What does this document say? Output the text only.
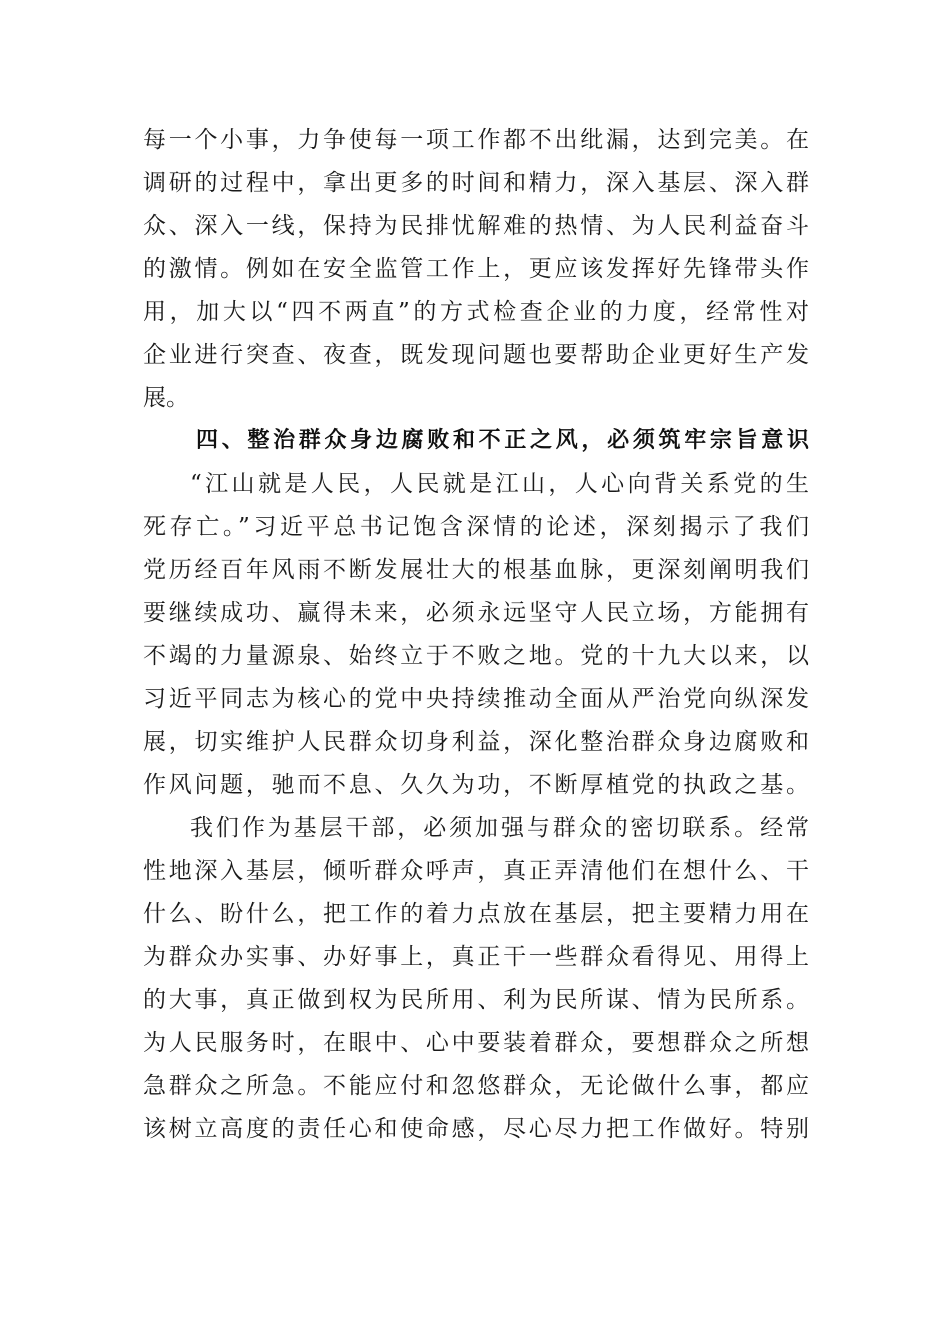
每一个小事，力争使每一项工作都不出纰漏，达到完美。在
调研的过程中，拿出更多的时间和精力，深入基层、深入群
众、深入一线，保持为民排忧解难的热情、为人民利益奋斗
的激情。例如在安全监管工作上，更应该发挥好先锋带头作
用，加大以“四不两直”的方式检查企业的力度，经常性对
企业进行突查、夜查，既发现问题也要帮助企业更好生产发
展。
四、整治群众身边腐败和不正之风，必须筑牢宗旨意识
“江山就是人民，人民就是江山，人心向背关系党的生
死存亡。”习近平总书记饱含深情的论述，深刻揭示了我们
党历经百年风雨不断发展壮大的根基血脉，更深刻阐明我们
要继续成功、赢得未来，必须永远坚守人民立场，方能拥有
不竭的力量源泉、始终立于不败之地。党的十九大以来，以
习近平同志为核心的党中央持续推动全面从严治党向纵深发
展，切实维护人民群众切身利益，深化整治群众身边腐败和
作风问题，驰而不息、久久为功，不断厚植党的执政之基。
我们作为基层干部，必须加强与群众的密切联系。经常
性地深入基层，倾听群众呼声，真正弄清他们在想什么、干
什么、盼什么，把工作的着力点放在基层，把主要精力用在
为群众办实事、办好事上，真正干一些群众看得见、用得上
的大事，真正做到权为民所用、利为民所谋、情为民所系。
为人民服务时，在眼中、心中要装着群众，要想群众之所想
急群众之所急。不能应付和忽悠群众，无论做什么事，都应
该树立高度的责任心和使命感，尽心尽力把工作做好。特别
